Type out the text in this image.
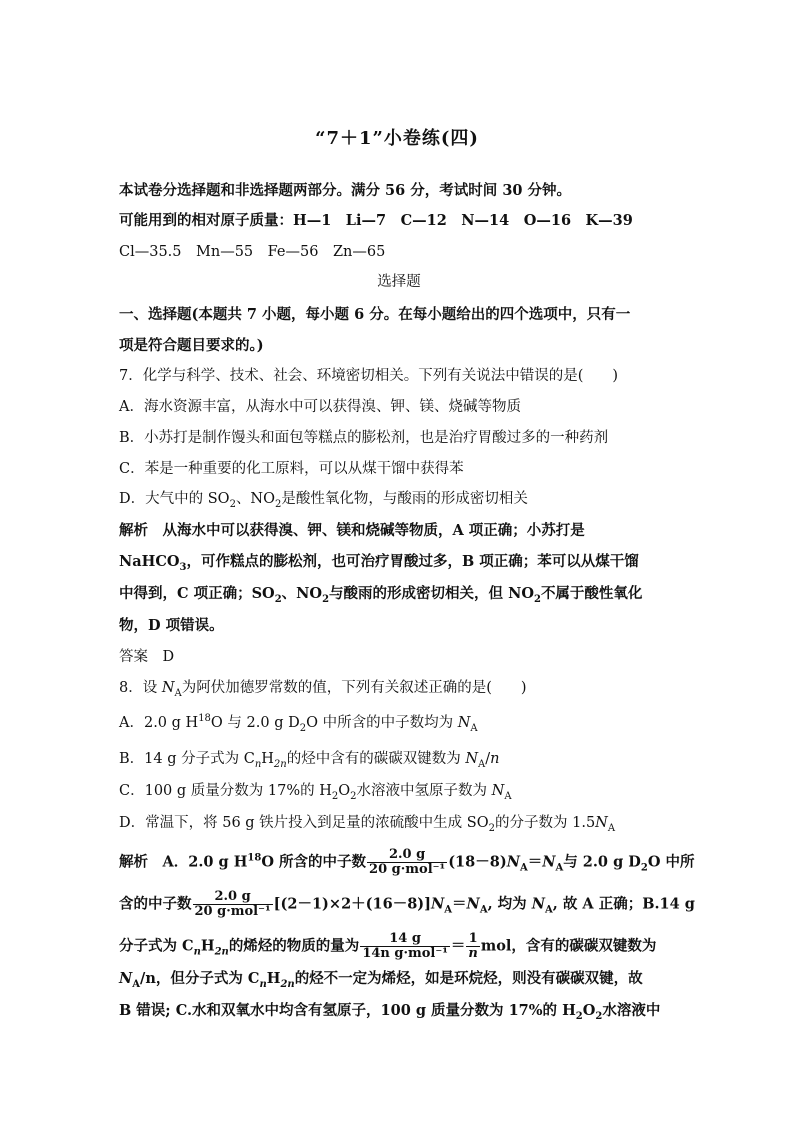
“7＋1”小卷练(四)
本试卷分选择题和非选择题两部分。满分 56 分，考试时间 30 分钟。
可能用到的相对原子质量：H—1　Li—7　C—12　N—14　O—16　K—39
Cl—35.5　Mn—55　Fe—56　Zn—65
选择题
一、选择题(本题共 7 小题，每小题 6 分。在每小题给出的四个选项中，只有一
项是符合题目要求的。)
7．化学与科学、技术、社会、环境密切相关。下列有关说法中错误的是(　　)
A．海水资源丰富，从海水中可以获得溴、钾、镁、烧碱等物质
B．小苏打是制作馒头和面包等糕点的膨松剂，也是治疗胃酸过多的一种药剂
C．苯是一种重要的化工原料，可以从煤干馏中获得苯
D．大气中的 $SO_2$、$NO_2$是酸性氧化物，与酸雨的形成密切相关
解析　从海水中可以获得溴、钾、镁和烧碱等物质，A 项正确；小苏打是
NaHCO$_3$，可作糕点的膨松剂，也可治疗胃酸过多，B 项正确；苯可以从煤干馏
中得到，C 项正确；$SO_2$、$NO_2$与酸雨的形成密切相关，但 $NO_2$不属于酸性氧化
物，D 项错误。
答案　D
8．设 $N_A$为阿伏加德罗常数的值，下列有关叙述正确的是(　　)
A．2.0 g $H^{18}O$ 与 2.0 g $D_2O$ 中所含的中子数均为 $N_A$
B．14 g 分子式为 $C_nH_{2n}$的烃中含有的碳碳双键数为 $N_A/n$
C．100 g 质量分数为 17%的 $H_2O_2$水溶液中氢原子数为 $N_A$
D．常温下，将 56 g 铁片投入到足量的浓硫酸中生成 $SO_2$的分子数为 $1.5N_A$
解析　A．2.0 g $H^{18}O$ 所含的中子数 $\frac{2.0 g}{\text{20 g·mol⁻¹}} (18-8)N_A=N_A$与 2.0 g $D_2O$ 中所
含的中子数 $\frac{2.0 g}{\text{20 g·mol⁻¹}} [(2-1)\times 2+(16-8)]N_A=N_A$, 均为 $N_A$, 故 A 正确；B.14 g
分子式为 $C_nH_{2n}$的烯烃的物质的量为 $\frac{14 g}{\text{14n g·mol⁻¹}} = \frac{1}{n}$ mol，含有的碳碳双键数为
$N_A/n$，但分子式为 $C_nH_{2n}$的烃不一定为烯烃，如是环烷烃，则没有碳碳双键，故
B 错误; C.水和双氧水中均含有氢原子，100 g 质量分数为 17%的 $H_2O_2$水溶液中
